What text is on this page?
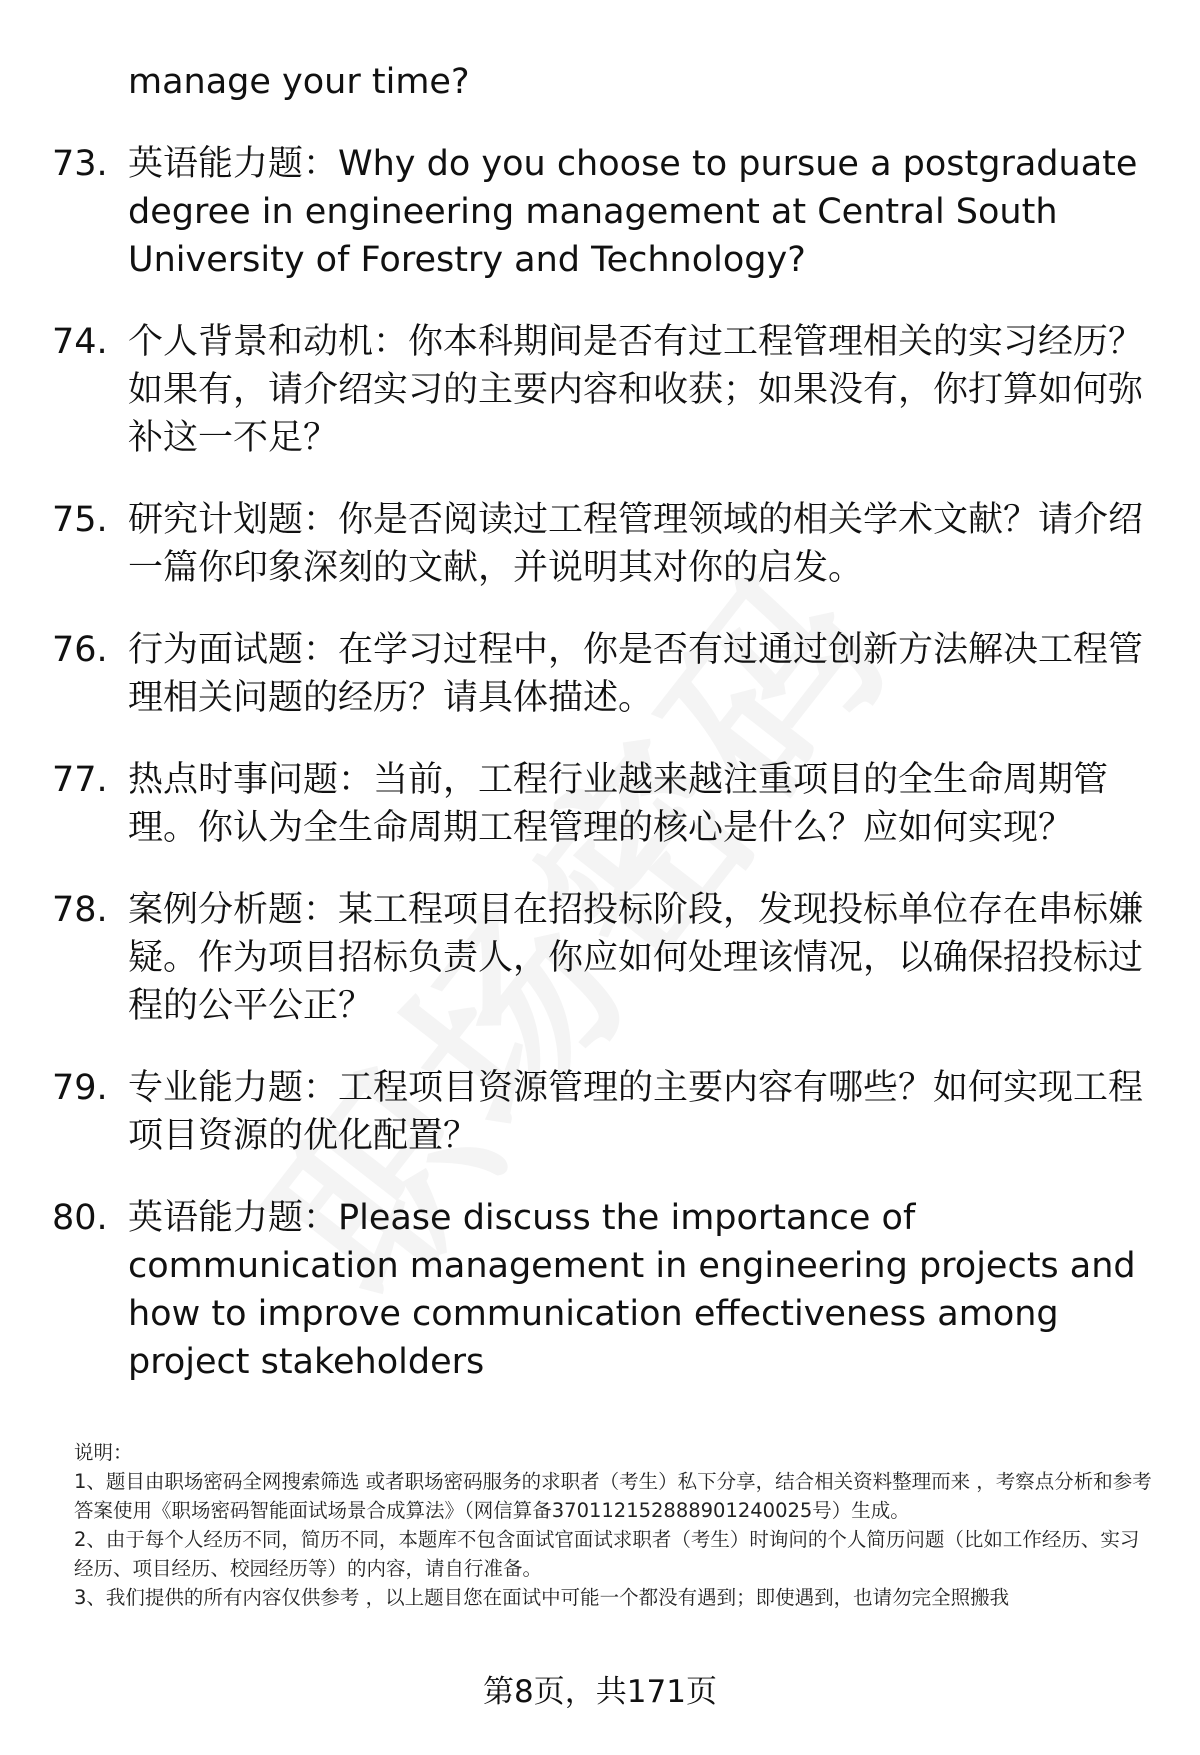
manage your time?
73. 英语能力题：Why do you choose to pursue a postgraduate degree in engineering management at Central South University of Forestry and Technology?
74. 个人背景和动机：你本科期间是否有过工程管理相关的实习经历？如果有，请介绍实习的主要内容和收获；如果没有，你打算如何弥补这一不足？
75. 研究计划题：你是否阅读过工程管理领域的相关学术文献？请介绍一篇你印象深刻的文献，并说明其对你的启发。
76. 行为面试题：在学习过程中，你是否有过通过创新方法解决工程管理相关问题的经历？请具体描述。
77. 热点时事问题：当前，工程行业越来越注重项目的全生命周期管理。你认为全生命周期工程管理的核心是什么？应如何实现？
78. 案例分析题：某工程项目在招投标阶段，发现投标单位存在串标嫌疑。作为项目招标负责人，你应如何处理该情况，以确保招投标过程的公平公正？
79. 专业能力题：工程项目资源管理的主要内容有哪些？如何实现工程项目资源的优化配置？
80. 英语能力题：Please discuss the importance of communication management in engineering projects and how to improve communication effectiveness among project stakeholders

说明：

1、题目由职场密码全网搜索筛选 或者职场密码服务的求职者（考生）私下分享，结合相关资料整理而来 ，考察点分析和参考答案使用《职场密码智能面试场景合成算法》（网信算备370112152888901240025号）生成。

2、由于每个人经历不同，简历不同，本题库不包含面试官面试求职者（考生）时询问的个人简历问题（比如工作经历、实习经历、项目经历、校园经历等）的内容，请自行准备。

3、我们提供的所有内容仅供参考 ，以上题目您在面试中可能一个都没有遇到；即使遇到，也请勿完全照搬我

第8页，共171页
